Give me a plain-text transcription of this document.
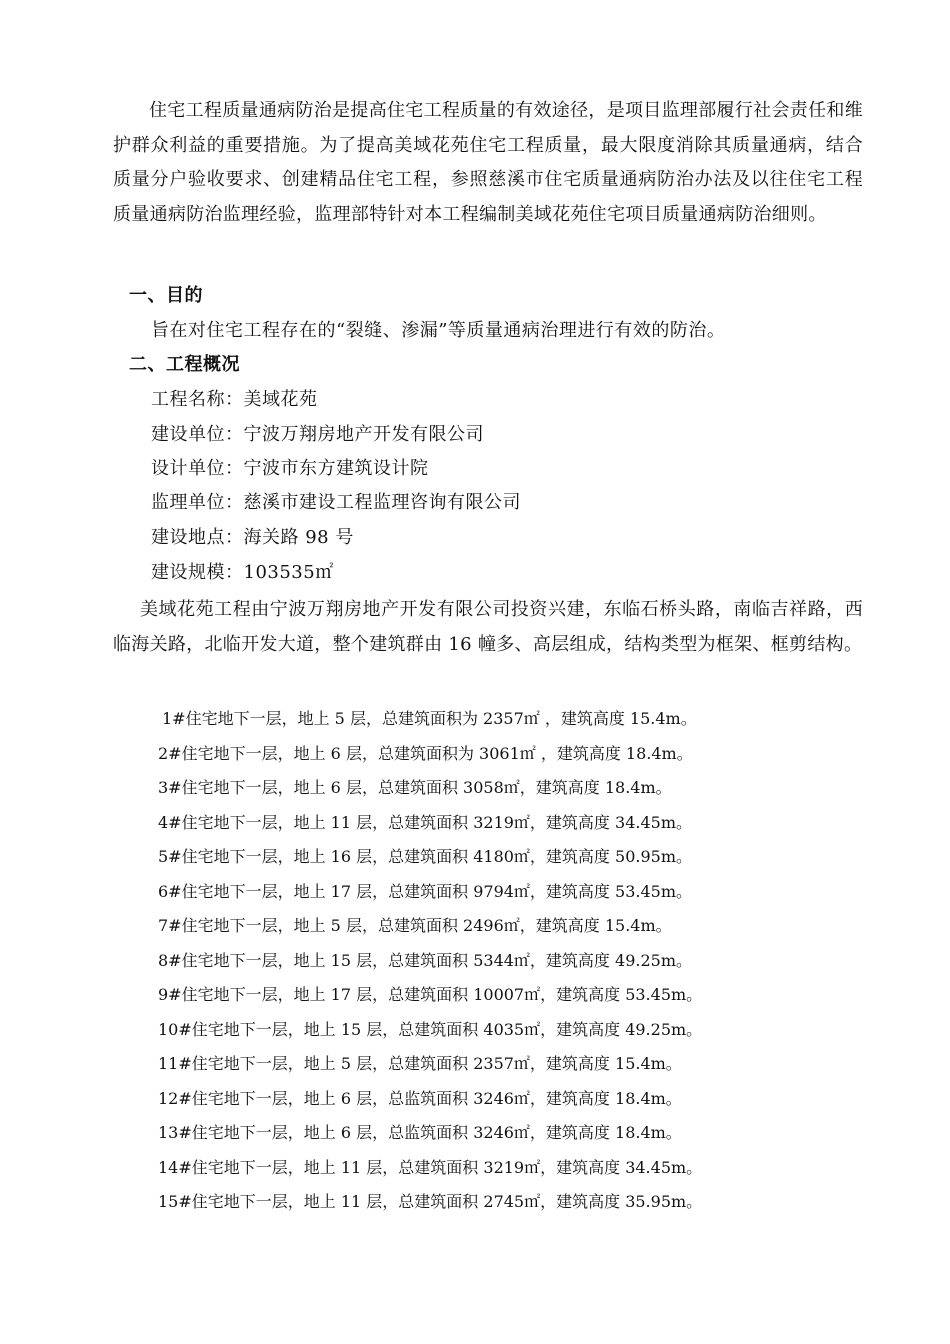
住宅工程质量通病防治是提高住宅工程质量的有效途径，是项目监理部履行社会责任和维护群众利益的重要措施。为了提高美域花苑住宅工程质量，最大限度消除其质量通病，结合质量分户验收要求、创建精品住宅工程，参照慈溪市住宅质量通病防治办法及以往住宅工程质量通病防治监理经验，监理部特针对本工程编制美域花苑住宅项目质量通病防治细则。

一、目的

旨在对住宅工程存在的“裂缝、渗漏”等质量通病治理进行有效的防治。

二、工程概况

工程名称：美域花苑

建设单位：宁波万翔房地产开发有限公司

设计单位：宁波市东方建筑设计院

监理单位：慈溪市建设工程监理咨询有限公司

建设地点：海关路 98 号

建设规模：103535㎡

美域花苑工程由宁波万翔房地产开发有限公司投资兴建，东临石桥头路，南临吉祥路，西临海关路，北临开发大道，整个建筑群由 16 幢多、高层组成，结构类型为框架、框剪结构。

1#住宅地下一层，地上 5 层，总建筑面积为 2357㎡ ，建筑高度 15.4m。

2#住宅地下一层，地上 6 层，总建筑面积为 3061㎡ ，建筑高度 18.4m。

3#住宅地下一层，地上 6 层，总建筑面积 3058㎡，建筑高度 18.4m。

4#住宅地下一层，地上 11 层，总建筑面积 3219㎡，建筑高度 34.45m。

5#住宅地下一层，地上 16 层，总建筑面积 4180㎡，建筑高度 50.95m。

6#住宅地下一层，地上 17 层，总建筑面积 9794㎡，建筑高度 53.45m。

7#住宅地下一层，地上 5 层，总建筑面积 2496㎡，建筑高度 15.4m。

8#住宅地下一层，地上 15 层，总建筑面积 5344㎡，建筑高度 49.25m。

9#住宅地下一层，地上 17 层，总建筑面积 10007㎡，建筑高度 53.45m。

10#住宅地下一层，地上 15 层，总建筑面积 4035㎡，建筑高度 49.25m。

11#住宅地下一层，地上 5 层，总建筑面积 2357㎡，建筑高度 15.4m。

12#住宅地下一层，地上 6 层，总监筑面积 3246㎡，建筑高度 18.4m。

13#住宅地下一层，地上 6 层，总监筑面积 3246㎡，建筑高度 18.4m。

14#住宅地下一层，地上 11 层，总建筑面积 3219㎡，建筑高度 34.45m。

15#住宅地下一层，地上 11 层，总建筑面积 2745㎡，建筑高度 35.95m。
